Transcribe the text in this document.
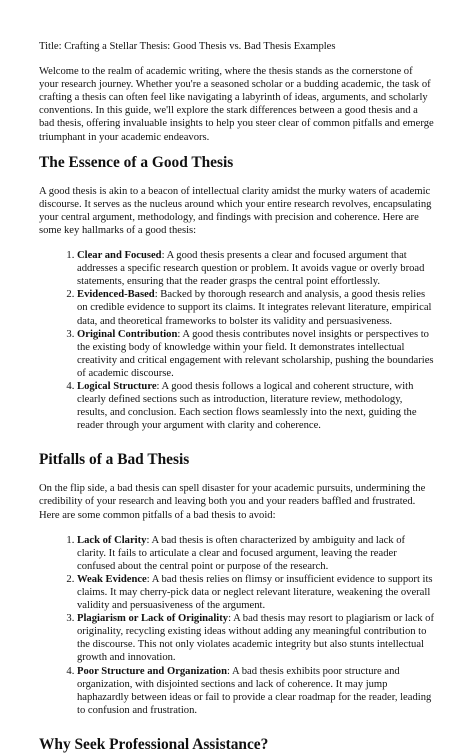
Title: Crafting a Stellar Thesis: Good Thesis vs. Bad Thesis Examples

Welcome to the realm of academic writing, where the thesis stands as the cornerstone of your research journey. Whether you're a seasoned scholar or a budding academic, the task of crafting a thesis can often feel like navigating a labyrinth of ideas, arguments, and scholarly conventions. In this guide, we'll explore the stark differences between a good thesis and a bad thesis, offering invaluable insights to help you steer clear of common pitfalls and emerge triumphant in your academic endeavors.

The Essence of a Good Thesis

A good thesis is akin to a beacon of intellectual clarity amidst the murky waters of academic discourse. It serves as the nucleus around which your entire research revolves, encapsulating your central argument, methodology, and findings with precision and coherence. Here are some key hallmarks of a good thesis:

1. Clear and Focused: A good thesis presents a clear and focused argument that addresses a specific research question or problem. It avoids vague or overly broad statements, ensuring that the reader grasps the central point effortlessly.
2. Evidenced-Based: Backed by thorough research and analysis, a good thesis relies on credible evidence to support its claims. It integrates relevant literature, empirical data, and theoretical frameworks to bolster its validity and persuasiveness.
3. Original Contribution: A good thesis contributes novel insights or perspectives to the existing body of knowledge within your field. It demonstrates intellectual creativity and critical engagement with relevant scholarship, pushing the boundaries of academic discourse.
4. Logical Structure: A good thesis follows a logical and coherent structure, with clearly defined sections such as introduction, literature review, methodology, results, and conclusion. Each section flows seamlessly into the next, guiding the reader through your argument with clarity and coherence.
Pitfalls of a Bad Thesis

On the flip side, a bad thesis can spell disaster for your academic pursuits, undermining the credibility of your research and leaving both you and your readers baffled and frustrated. Here are some common pitfalls of a bad thesis to avoid:

1. Lack of Clarity: A bad thesis is often characterized by ambiguity and lack of clarity. It fails to articulate a clear and focused argument, leaving the reader confused about the central point or purpose of the research.
2. Weak Evidence: A bad thesis relies on flimsy or insufficient evidence to support its claims. It may cherry-pick data or neglect relevant literature, weakening the overall validity and persuasiveness of the argument.
3. Plagiarism or Lack of Originality: A bad thesis may resort to plagiarism or lack of originality, recycling existing ideas without adding any meaningful contribution to the discourse. This not only violates academic integrity but also stunts intellectual growth and innovation.
4. Poor Structure and Organization: A bad thesis exhibits poor structure and organization, with disjointed sections and lack of coherence. It may jump haphazardly between ideas or fail to provide a clear roadmap for the reader, leading to confusion and frustration.
Why Seek Professional Assistance?
